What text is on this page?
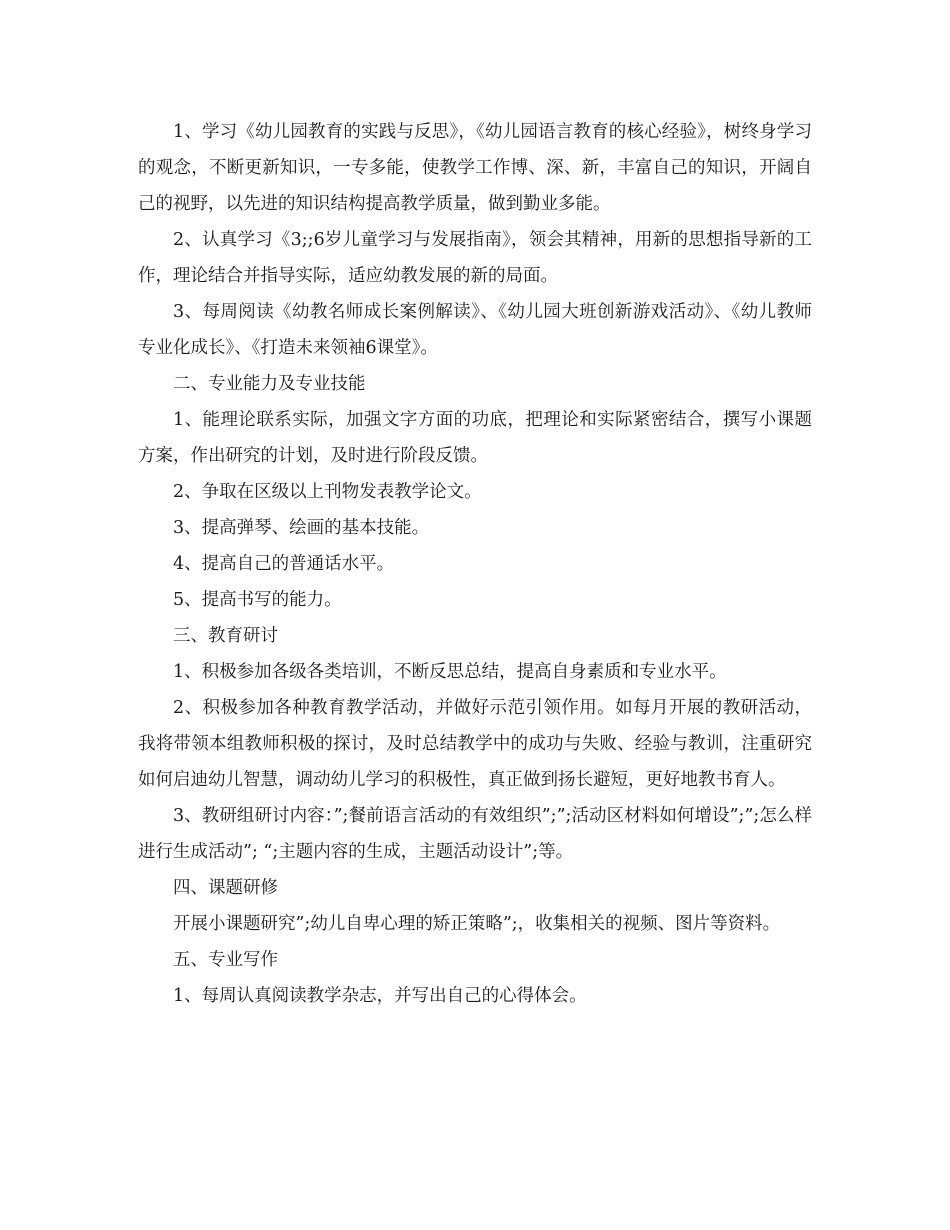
1、学习《幼儿园教育的实践与反思》，《幼儿园语言教育的核心经验》，树终身学习的观念，不断更新知识，一专多能，使教学工作博、深、新，丰富自己的知识，开阔自己的视野，以先进的知识结构提高教学质量，做到勤业多能。

2、认真学习《3;;6岁儿童学习与发展指南》，领会其精神，用新的思想指导新的工作，理论结合并指导实际，适应幼教发展的新的局面。

3、每周阅读《幼教名师成长案例解读》、《幼儿园大班创新游戏活动》、《幼儿教师专业化成长》、《打造未来领袖6课堂》。

二、专业能力及专业技能

1、能理论联系实际，加强文字方面的功底，把理论和实际紧密结合，撰写小课题方案，作出研究的计划，及时进行阶段反馈。

2、争取在区级以上刊物发表教学论文。

3、提高弹琴、绘画的基本技能。

4、提高自己的普通话水平。

5、提高书写的能力。

三、教育研讨

1、积极参加各级各类培训，不断反思总结，提高自身素质和专业水平。

2、积极参加各种教育教学活动，并做好示范引领作用。如每月开展的教研活动，我将带领本组教师积极的探讨，及时总结教学中的成功与失败、经验与教训，注重研究如何启迪幼儿智慧，调动幼儿学习的积极性，真正做到扬长避短，更好地教书育人。

3、教研组研讨内容：”;餐前语言活动的有效组织”;”;活动区材料如何增设”;”;怎么样进行生成活动”; “;主题内容的生成，主题活动设计”;等。

四、课题研修

开展小课题研究”;幼儿自卑心理的矫正策略”;，收集相关的视频、图片等资料。

五、专业写作

1、每周认真阅读教学杂志，并写出自己的心得体会。
